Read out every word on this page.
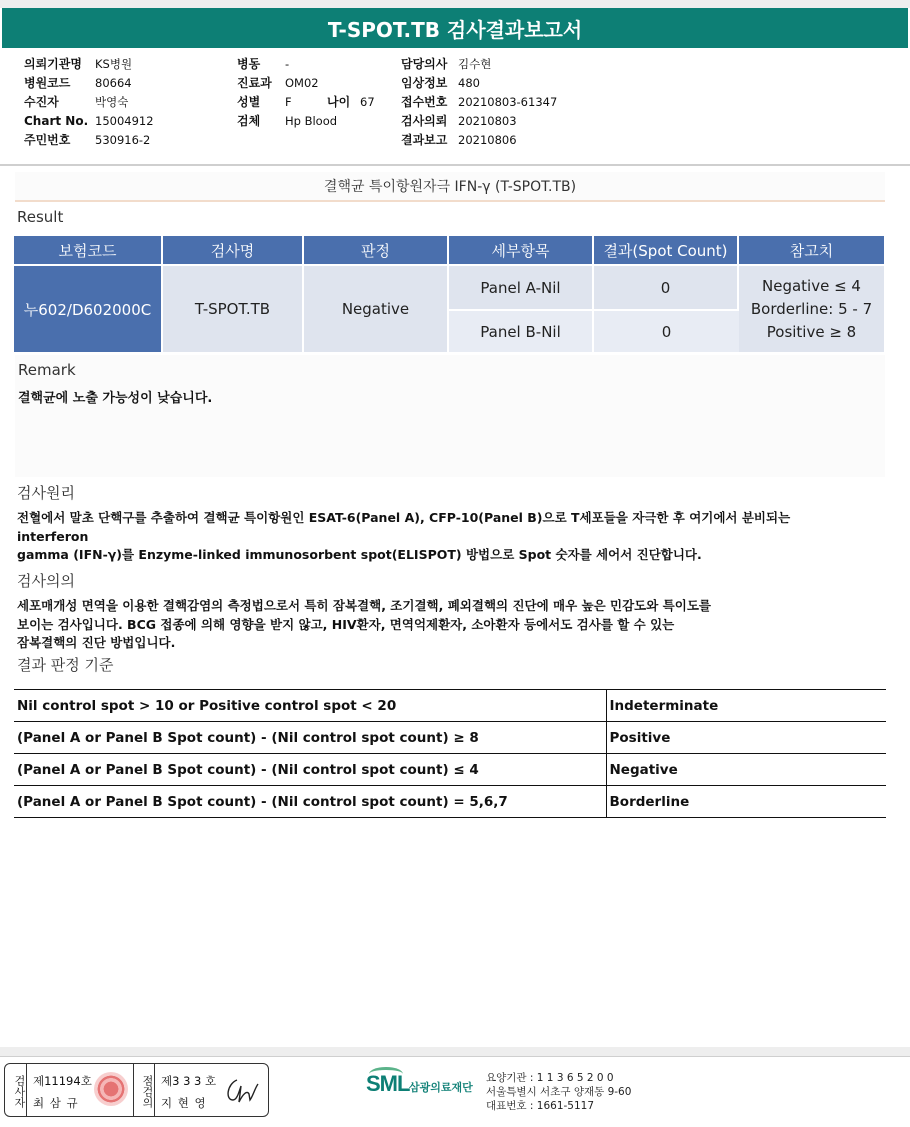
T-SPOT.TB 검사결과보고서
의뢰기관명	KS병원
병원코드	80664
수진자	박영숙
Chart No. 15004912
주민번호	530916-2
병동	-
진료과	OM02
성별	F	나이 67
검체	Hp Blood
담당의사 김수현
임상정보 480
접수번호 20210803-61347
검사의뢰 20210803
결과보고 20210806
결핵균 특이항원자극 IFN-γ (T-SPOT.TB)
Result
보험코드	검사명	판정	세부항목	결과(Spot Count)	참고치
누602/D602000C	T-SPOT.TB	Negative	Panel A-Nil	0	Negative ≤ 4
Borderline: 5 - 7
Positive ≥ 8

			Panel B-Nil	0	
Remark
결핵균에 노출 가능성이 낮습니다.
검사원리
전혈에서 말초 단핵구를 추출하여 결핵균 특이항원인 ESAT-6(Panel A), CFP-10(Panel B)으로 T세포들을 자극한 후 여기에서 분비되는
interferon
gamma (IFN-γ)를 Enzyme-linked immunosorbent spot(ELISPOT) 방법으로 Spot 숫자를 세어서 진단합니다.
검사의의
세포매개성 면역을 이용한 결핵감염의 측정법으로서 특히 잠복결핵, 조기결핵, 폐외결핵의 진단에 매우 높은 민감도와 특이도를
보이는 검사입니다. BCG 접종에 의해 영향을 받지 않고, HIV환자, 면역억제환자, 소아환자 등에서도 검사를 할 수 있는
잠복결핵의 진단 방법입니다.
결과 판정 기준
Nil control spot > 10 or Positive control spot < 20	Indeterminate
(Panel A or Panel B Spot count) - (Nil control spot count) ≥ 8	Positive
(Panel A or Panel B Spot count) - (Nil control spot count) ≤ 4	Negative
(Panel A or Panel B Spot count) - (Nil control spot count) = 5,6,7	Borderline
검사자 제11194호
최 삼 규	점검의 제3 3 3 호
지 현 영
SML 삼광의료재단
요양기관 : 1 1 3 6 5 2 0 0
서울특별시 서초구 양재동 9-60
대표번호 : 1661-5117
